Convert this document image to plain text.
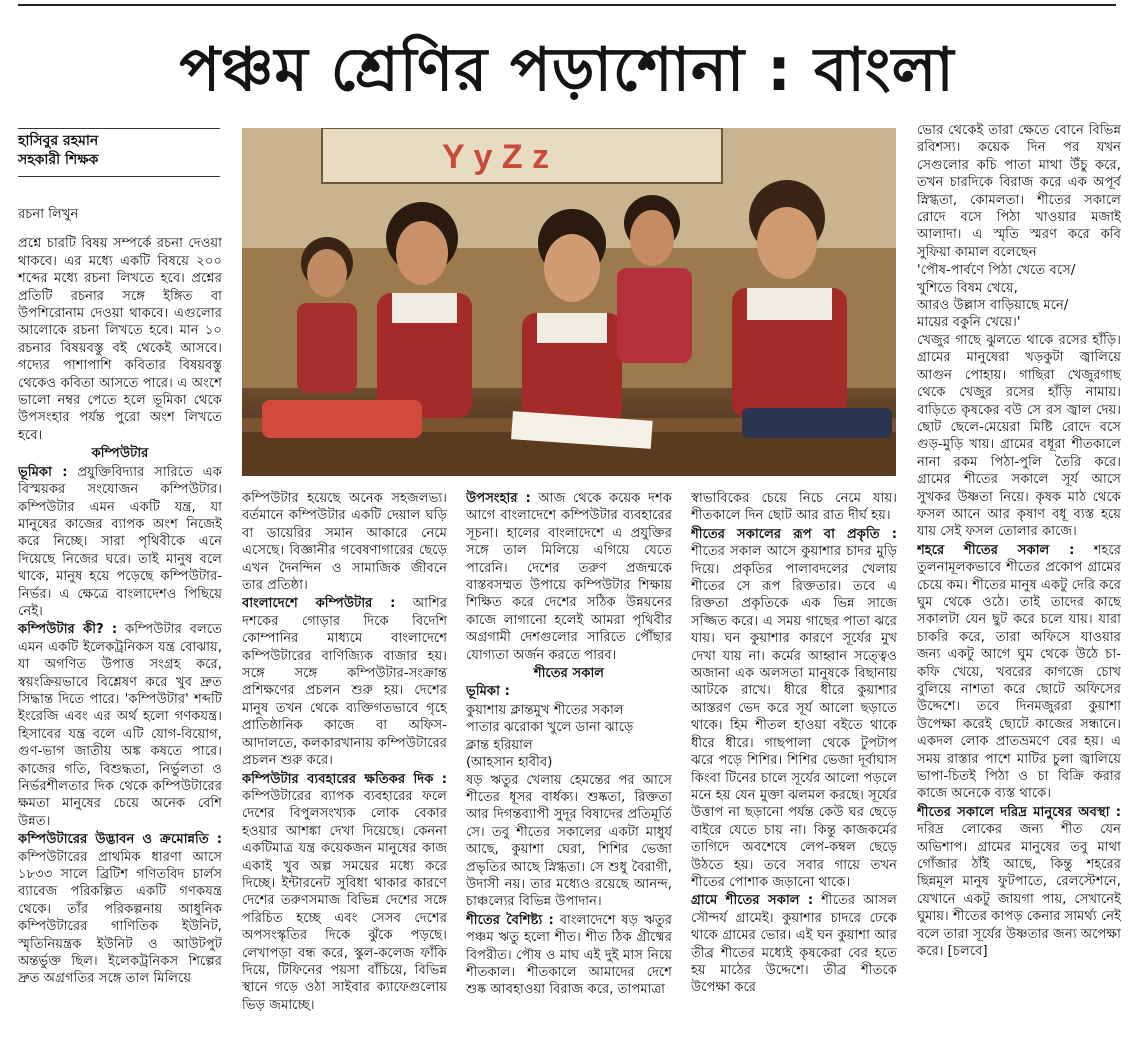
পঞ্চম শ্রেণির পড়াশোনা : বাংলা
হাসিবুর রহমান
সহকারী শিক্ষক	Y y Z z

রচনা লিখুন

প্রশ্নে চারটি বিষয় সম্পর্কে রচনা দেওয়া থাকবে। এর মধ্যে একটি বিষয়ে ২০০ শব্দের মধ্যে রচনা লিখতে হবে। প্রশ্নের প্রতিটি রচনার সঙ্গে ইঙ্গিত বা উপশিরোনাম দেওয়া থাকবে। এগুলোর আলোকে রচনা লিখতে হবে। মান ১০ রচনার বিষয়বস্তু বই থেকেই আসবে। গদ্যের পাশাপাশি কবিতার বিষয়বস্তু থেকেও কবিতা আসতে পারে। এ অংশে ভালো নম্বর পেতে হলে ভূমিকা থেকে উপসংহার পর্যন্ত পুরো অংশ লিখতে হবে।

কম্পিউটার

ভূমিকা : প্রযুক্তিবিদ্যার সারিতে এক বিস্ময়কর সংযোজন কম্পিউটার। কম্পিউটার এমন একটি যন্ত্র, যা মানুষের কাজের ব্যাপক অংশ নিজেই করে নিচ্ছে। সারা পৃথিবীকে এনে দিয়েছে নিজের ঘরে। তাই মানুষ বলে থাকে, মানুষ হয়ে পড়েছে কম্পিউটার-নির্ভর। এ ক্ষেত্রে বাংলাদেশও পিছিয়ে নেই।

কম্পিউটার কী? : কম্পিউটার বলতে এমন একটি ইলেকট্রনিকস যন্ত্র বোঝায়, যা অগণিত উপাত্ত সংগ্রহ করে, স্বয়ংক্রিয়ভাবে বিশ্লেষণ করে খুব দ্রুত সিদ্ধান্ত দিতে পারে। 'কম্পিউটার' শব্দটি ইংরেজি এবং এর অর্থ হলো গণকযন্ত্র। হিসাবের যন্ত্র বলে এটি যোগ-বিয়োগ, গুণ-ভাগ জাতীয় অঙ্ক কষতে পারে। কাজের গতি, বিশুদ্ধতা, নির্ভুলতা ও নির্ভরশীলতার দিক থেকে কম্পিউটারের ক্ষমতা মানুষের চেয়ে অনেক বেশি উন্নত।

কম্পিউটারের উদ্ভাবন ও ক্রমোন্নতি : কম্পিউটারের প্রাথমিক ধারণা আসে ১৮৩৩ সালে ব্রিটিশ গণিতবিদ চার্লস ব্যাবেজ পরিকল্পিত একটি গণকযন্ত্র থেকে। তাঁর পরিকল্পনায় আধুনিক কম্পিউটারের গাণিতিক ইউনিট, স্মৃতিনিয়ন্ত্রক ইউনিট ও আউটপুট অন্তর্ভুক্ত ছিল। ইলেকট্রনিকস শিল্পের দ্রুত অগ্রগতির সঙ্গে তাল মিলিয়ে

কম্পিউটার হয়েছে অনেক সহজলভ্য। বর্তমানে কম্পিউটার একটি দেয়াল ঘড়ি বা ডায়েরির সমান আকারে নেমে এসেছে। বিজ্ঞানীর গবেষণাগারের ছেড়ে এখন দৈনন্দিন ও সামাজিক জীবনে তার প্রতিষ্ঠা।

বাংলাদেশে কম্পিউটার : আশির দশকের গোড়ার দিকে বিদেশি কোম্পানির মাধ্যমে বাংলাদেশে কম্পিউটারের বাণিজ্যিক বাজার হয়। সঙ্গে সঙ্গে কম্পিউটার-সংক্রান্ত প্রশিক্ষণের প্রচলন শুরু হয়। দেশের মানুষ তখন থেকে ব্যক্তিগতভাবে গৃহে প্রাতিষ্ঠানিক কাজে বা অফিস-আদালতে, কলকারখানায় কম্পিউটারের প্রচলন শুরু করে।

কম্পিউটার ব্যবহারের ক্ষতিকর দিক : কম্পিউটারের ব্যাপক ব্যবহারের ফলে দেশের বিপুলসংখ্যক লোক বেকার হওয়ার আশঙ্কা দেখা দিয়েছে। কেননা একটিমাত্র যন্ত্র কয়েকজন মানুষের কাজ একাই খুব অল্প সময়ের মধ্যে করে দিচ্ছে। ইন্টারনেট সুবিধা থাকার কারণে দেশের তরুণসমাজ বিভিন্ন দেশের সঙ্গে পরিচিত হচ্ছে এবং সেসব দেশের অপসংস্কৃতির দিকে ঝুঁকে পড়ছে। লেখাপড়া বন্ধ করে, স্কুল-কলেজ ফাঁকি দিয়ে, টিফিনের পয়সা বাঁচিয়ে, বিভিন্ন স্থানে গড়ে ওঠা সাইবার ক্যাফেগুলোয় ভিড় জমাচ্ছে।

উপসংহার : আজ থেকে কয়েক দশক আগে বাংলাদেশে কম্পিউটার ব্যবহারের সূচনা। হালের বাংলাদেশে এ প্রযুক্তির সঙ্গে তাল মিলিয়ে এগিয়ে যেতে পারেনি। দেশের তরুণ প্রজন্মকে বাস্তবসম্মত উপায়ে কম্পিউটার শিক্ষায় শিক্ষিত করে দেশের সঠিক উন্নয়নের কাজে লাগানো হলেই আমরা পৃথিবীর অগ্রগামী দেশগুলোর সারিতে পৌঁছার যোগ্যতা অর্জন করতে পারব।

শীতের সকাল

ভূমিকা :

কুয়াশায় ক্লান্তমুখ শীতের সকাল
পাতার ঝরোকা খুলে ডানা ঝাড়ে
ক্লান্ত হরিয়াল
(আহসান হাবীব)

ষড় ঋতুর খেলায় হেমন্তের পর আসে শীতের ধূসর বার্ধক্য। শুষ্কতা, রিক্ততা আর দিগন্তব্যাপী সুদূর বিষাদের প্রতিমূর্তি সে। তবু শীতের সকালের একটা মাধুর্য আছে, কুয়াশা ঘেরা, শিশির ভেজা প্রভৃতির আছে স্নিগ্ধতা। সে শুধু বৈরাগী, উদাসী নয়। তার মধ্যেও রয়েছে আনন্দ, চাঞ্চল্যের বিভিন্ন উপাদান।

শীতের বৈশিষ্ট্য : বাংলাদেশে ষড় ঋতুর পঞ্চম ঋতু হলো শীত। শীত ঠিক গ্রীষ্মের বিপরীত। পৌষ ও মাঘ এই দুই মাস নিয়ে শীতকাল। শীতকালে আমাদের দেশে শুষ্ক আবহাওয়া বিরাজ করে, তাপমাত্রা

স্বাভাবিকের চেয়ে নিচে নেমে যায়। শীতকালে দিন ছোট আর রাত দীর্ঘ হয়।

শীতের সকালের রূপ বা প্রকৃতি : শীতের সকাল আসে কুয়াশার চাদর মুড়ি দিয়ে। প্রকৃতির পালাবদলের খেলায় শীতের সে রূপ রিক্ততার। তবে এ রিক্ততা প্রকৃতিকে এক ভিন্ন সাজে সজ্জিত করে। এ সময় গাছের পাতা ঝরে যায়। ঘন কুয়াশার কারণে সূর্যের মুখ দেখা যায় না। কর্মের আহ্বান সত্ত্বেও অজানা এক অলসতা মানুষকে বিছানায় আটকে রাখে। ধীরে ধীরে কুয়াশার আস্তরণ ভেদ করে সূর্য আলো ছড়াতে থাকে। হিম শীতল হাওয়া বইতে থাকে ধীরে ধীরে। গাছপালা থেকে টুপটাপ ঝরে পড়ে শিশির। শিশির ভেজা দূর্বাঘাস কিংবা টিনের চালে সূর্যের আলো পড়লে মনে হয় যেন মুক্তা ঝলমল করছে। সূর্যের উত্তাপ না ছড়ানো পর্যন্ত কেউ ঘর ছেড়ে বাইরে যেতে চায় না। কিন্তু কাজকর্মের তাগিদে অবশেষে লেপ-কম্বল ছেড়ে উঠতে হয়। তবে সবার গায়ে তখন শীতের পোশাক জড়ানো থাকে।

গ্রামে শীতের সকাল : শীতের আসল সৌন্দর্য গ্রামেই। কুয়াশার চাদরে ঢেকে থাকে গ্রামের ভোর। এই ঘন কুয়াশা আর তীব্র শীতের মধ্যেই কৃষকেরা বের হতে হয় মাঠের উদ্দেশে। তীব্র শীতকে উপেক্ষা করে

ভোর থেকেই তারা ক্ষেতে বোনে বিভিন্ন রবিশস্য। কয়েক দিন পর যখন সেগুলোর কচি পাতা মাথা উঁচু করে, তখন চারদিকে বিরাজ করে এক অপূর্ব স্নিগ্ধতা, কোমলতা। শীতের সকালে রোদে বসে পিঠা খাওয়ার মজাই আলাদা। এ স্মৃতি স্মরণ করে কবি সুফিয়া কামাল বলেছেন

'পৌষ-পার্বণে পিঠা খেতে বসে/
খুশিতে বিষম খেয়ে,
আরও উল্লাস বাড়িয়াছে মনে/
মায়ের বকুনি খেয়ে।'

খেজুর গাছে ঝুলতে থাকে রসের হাঁড়ি। গ্রামের মানুষেরা খড়কুটা জ্বালিয়ে আগুন পোহায়। গাছিরা খেজুরগাছ থেকে খেজুর রসের হাঁড়ি নামায়। বাড়িতে কৃষকের বউ সে রস জ্বাল দেয়। ছোট ছেলে-মেয়েরা মিষ্টি রোদে বসে গুড়-মুড়ি খায়। গ্রামের বধূরা শীতকালে নানা রকম পিঠা-পুলি তৈরি করে। গ্রামের শীতের সকালে সূর্য আসে সুখকর উষ্ণতা নিয়ে। কৃষক মাঠ থেকে ফসল আনে আর কৃষাণ বধূ ব্যস্ত হয়ে যায় সেই ফসল তোলার কাজে।

শহরে শীতের সকাল : শহরে তুলনামূলকভাবে শীতের প্রকোপ গ্রামের চেয়ে কম। শীতের মানুষ একটু দেরি করে ঘুম থেকে ওঠে। তাই তাদের কাছে সকালটা যেন ছুট করে চলে যায়। যারা চাকরি করে, তারা অফিসে যাওয়ার জন্য একটু আগে ঘুম থেকে উঠে চা-কফি খেয়ে, খবরের কাগজে চোখ বুলিয়ে নাশতা করে ছোটে অফিসের উদ্দেশে। তবে দিনমজুররা কুয়াশা উপেক্ষা করেই ছোটে কাজের সন্ধানে। একদল লোক প্রাতভ্রমণে বের হয়। এ সময় রাস্তার পাশে মাটির চুলা জ্বালিয়ে ভাপা-চিতই পিঠা ও চা বিক্রি করার কাজে অনেকে ব্যস্ত থাকে।

শীতের সকালে দরিদ্র মানুষের অবস্থা : দরিদ্র লোকের জন্য শীত যেন অভিশাপ। গ্রামের মানুষের তবু মাথা গোঁজার ঠাঁই আছে, কিন্তু শহরের ছিন্নমূল মানুষ ফুটপাতে, রেলস্টেশনে, যেখানে একটু জায়গা পায়, সেখানেই ঘুমায়। শীতের কাপড় কেনার সামর্থ্য নেই বলে তারা সূর্যের উষ্ণতার জন্য অপেক্ষা করে। [চলবে]
